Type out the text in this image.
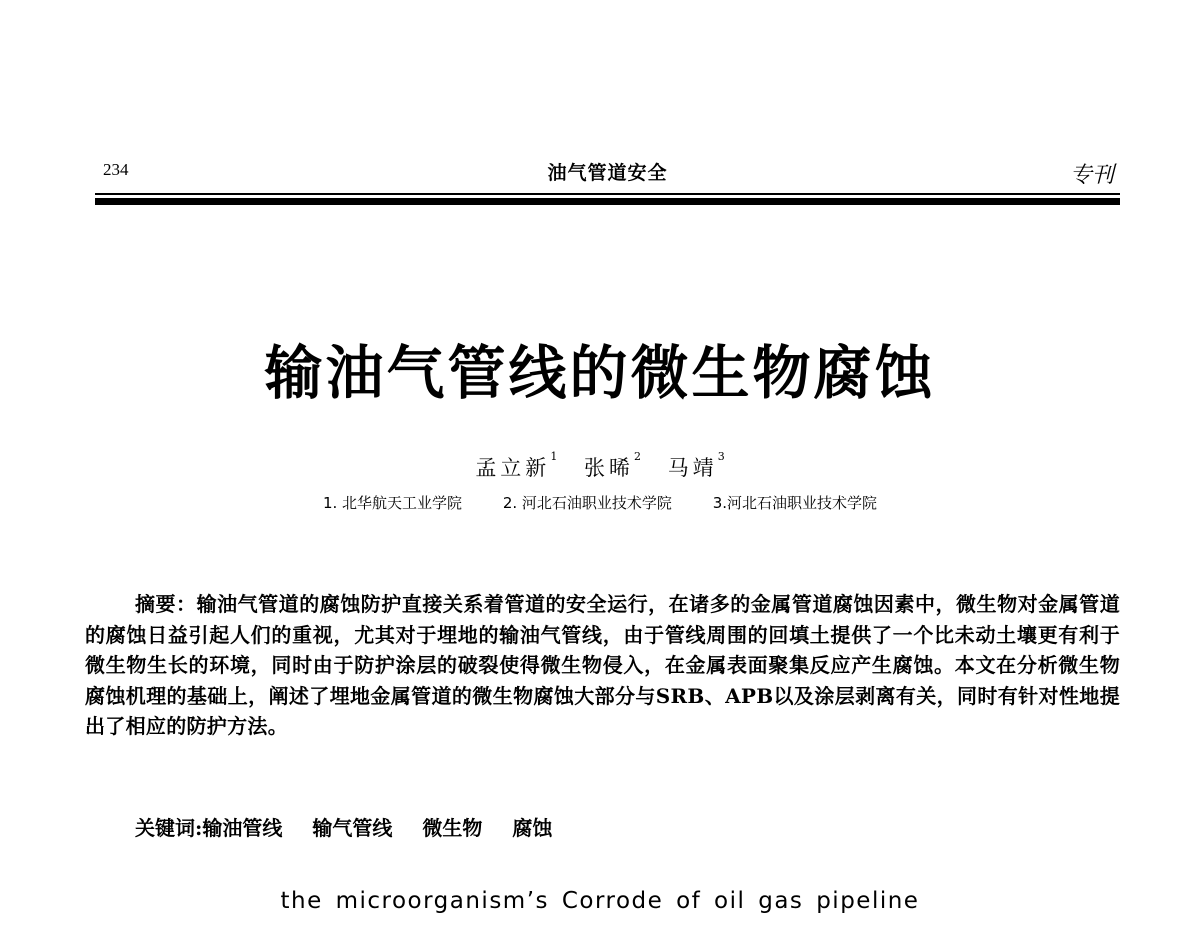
234	油气管道安全	专刊
输油气管线的微生物腐蚀
孟立新$^1$ 张晞$^2$ 马靖$^3$
1. 北华航天工业学院	2. 河北石油职业技术学院	3.河北石油职业技术学院
摘要：输油气管道的腐蚀防护直接关系着管道的安全运行，在诸多的金属管道腐蚀因素中，微生物对金属管道的腐蚀日益引起人们的重视，尤其对于埋地的输油气管线，由于管线周围的回填土提供了一个比未动土壤更有利于微生物生长的环境，同时由于防护涂层的破裂使得微生物侵入，在金属表面聚集反应产生腐蚀。本文在分析微生物腐蚀机理的基础上，阐述了埋地金属管道的微生物腐蚀大部分与SRB、APB以及涂层剥离有关，同时有针对性地提出了相应的防护方法。
关键词:输油管线 输气管线 微生物 腐蚀
the microorganism’s Corrode of oil gas pipeline
